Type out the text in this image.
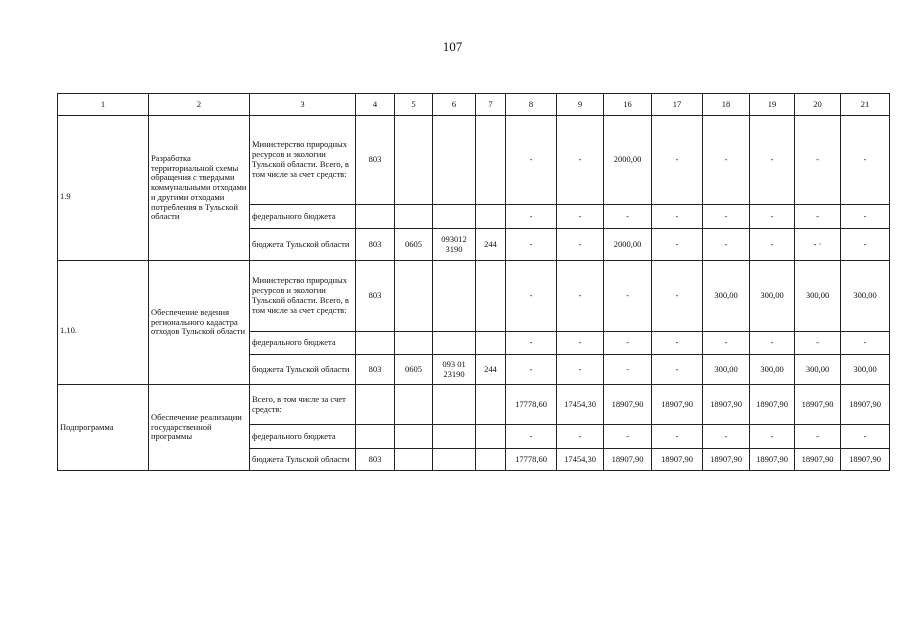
107
1	2	3	4	5	6	7	8	9	16	17	18	19	20	21
1.9	Разработка территориальной схемы обращения с твердыми коммунальными отходами и другими отходами потребления в Тульской области	Министерство природных ресурсов и экологии Тульской области. Всего, в том числе за счет средств:	803				-	-	2000,00	-	-	-	-	-
		федерального бюджета					-	-	-	-	-	-	-	-
		бюджета Тульской области	803	0605	093012 3190	244	-	-	2000,00	-	-	-	- ·	-
1.10.	Обеспечение ведения регионального кадастра отходов Тульской области	Министерство природных ресурсов и экологии Тульской области. Всего, в том числе за счет средств:	803				-	-	-	-	300,00	300,00	300,00	300,00
		федерального бюджета					-	-	-	-	-	-	-	-
		бюджета Тульской области	803	0605	093 01 23190	244	-	-	-	-	300,00	300,00	300,00	300,00
Подпрограмма	Обеспечение реализации государственной программы	Всего, в том числе за счет средств:					17778,60	17454,30	18907,90	18907,90	18907,90	18907,90	18907,90	18907,90
		федерального бюджета					-	-	-	-	-	-	-	-
		бюджета Тульской области	803				17778,60	17454,30	18907,90	18907,90	18907,90	18907,90	18907,90	18907,90
